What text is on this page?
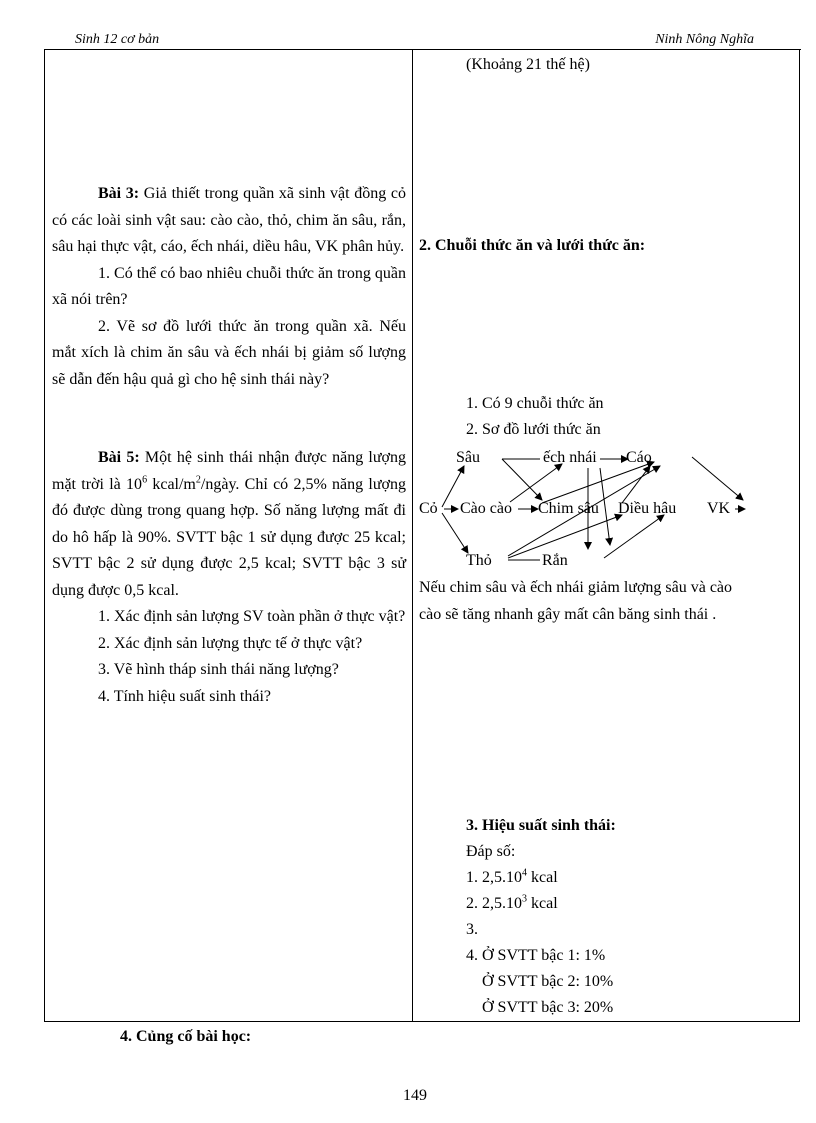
Sinh 12 cơ bản	Ninh Nông Nghĩa

Bài 3: Giả thiết trong quần xã sinh vật đồng cỏ có các loài sinh vật sau: cào cào, thỏ, chim ăn sâu, rắn, sâu hại thực vật, cáo, ếch nhái, diều hâu, VK phân hủy.

1. Có thể có bao nhiêu chuỗi thức ăn trong quần xã nói trên?

2. Vẽ sơ đồ lưới thức ăn trong quần xã. Nếu mắt xích là chim ăn sâu và ếch nhái bị giảm số lượng sẽ dẫn đến hậu quả gì cho hệ sinh thái này?

Bài 5: Một hệ sinh thái nhận được năng lượng mặt trời là $10^6$ kcal/$m^2$/ngày. Chỉ có 2,5% năng lượng đó được dùng trong quang hợp. Số năng lượng mất đi do hô hấp là 90%. SVTT bậc 1 sử dụng được 25 kcal; SVTT bậc 2 sử dụng được 2,5 kcal; SVTT bậc 3 sử dụng được 0,5 kcal.

1. Xác định sản lượng SV toàn phần ở thực vật?

2. Xác định sản lượng thực tế ở thực vật?

3. Vẽ hình tháp sinh thái năng lượng?

4. Tính hiệu suất sinh thái?

(Khoảng 21 thế hệ)
2. Chuỗi thức ăn và lưới thức ăn:
1. Có 9 chuỗi thức ăn
2. Sơ đồ lưới thức ăn
Sâu	ếch nhái Cáo
Cỏ Cào cào Chim sâu Diều hâu VK
Thỏ	Rắn
Nếu chim sâu và ếch nhái giảm lượng sâu và cào
cào sẽ tăng nhanh gây mất cân băng sinh thái .
3. Hiệu suất sinh thái:
Đáp số:
1. 2,5.10$^4$ kcal
2. 2,5.10$^3$ kcal
3.
4. Ở SVTT bậc 1: 1%
Ở SVTT bậc 2: 10%
Ở SVTT bậc 3: 20%
4. Củng cố bài học:
149
